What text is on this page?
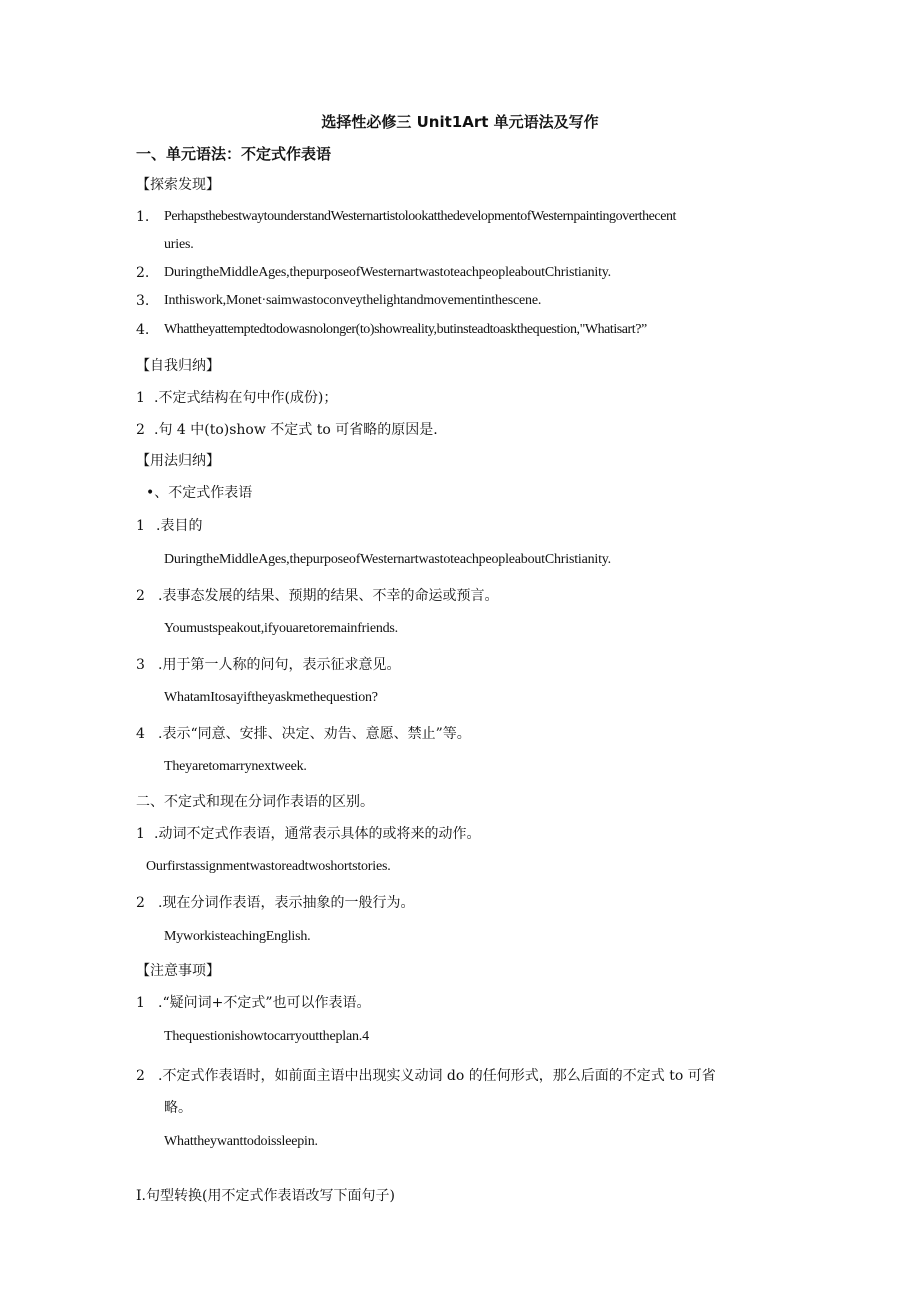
选择性必修三 Unit1Art 单元语法及写作
一、单元语法：不定式作表语
【探索发现】
1. PerhapsthebestwaytounderstandWesternartistolookatthedevelopmentofWesternpaintingoverthecent
uries.
2. DuringtheMiddleAges,thepurposeofWesternartwastoteachpeopleaboutChristianity.
3. Inthiswork,Monet·saimwastoconveythelightandmovementinthescene.
4. Whattheyattemptedtodowasnolonger(to)showreality,butinsteadtoaskthequestion,"Whatisart?”
【自我归纳】
1 .不定式结构在句中作(成份)；
2 .句 4 中(to)show 不定式 to 可省略的原因是.
【用法归纳】
•、不定式作表语
1 .表目的
DuringtheMiddleAges,thepurposeofWesternartwastoteachpeopleaboutChristianity.
2 .表事态发展的结果、预期的结果、不幸的命运或预言。
Youmustspeakout,ifyouaretoremainfriends.
3 .用于第一人称的问句，表示征求意见。
WhatamItosayiftheyaskmethequestion?
4 .表示“同意、安排、决定、劝告、意愿、禁止”等。
Theyaretomarrynextweek.
二、不定式和现在分词作表语的区别。
1 .动词不定式作表语，通常表示具体的或将来的动作。
Ourfirstassignmentwastoreadtwoshortstories.
2 .现在分词作表语，表示抽象的一般行为。
MyworkisteachingEnglish.
【注意事项】
1 .“疑问词+不定式”也可以作表语。
Thequestionishowtocarryouttheplan.4
2 .不定式作表语时，如前面主语中出现实义动词 do 的任何形式，那么后面的不定式 to 可省
略。
Whattheywanttodoissleepin.
I.句型转换(用不定式作表语改写下面句子)
